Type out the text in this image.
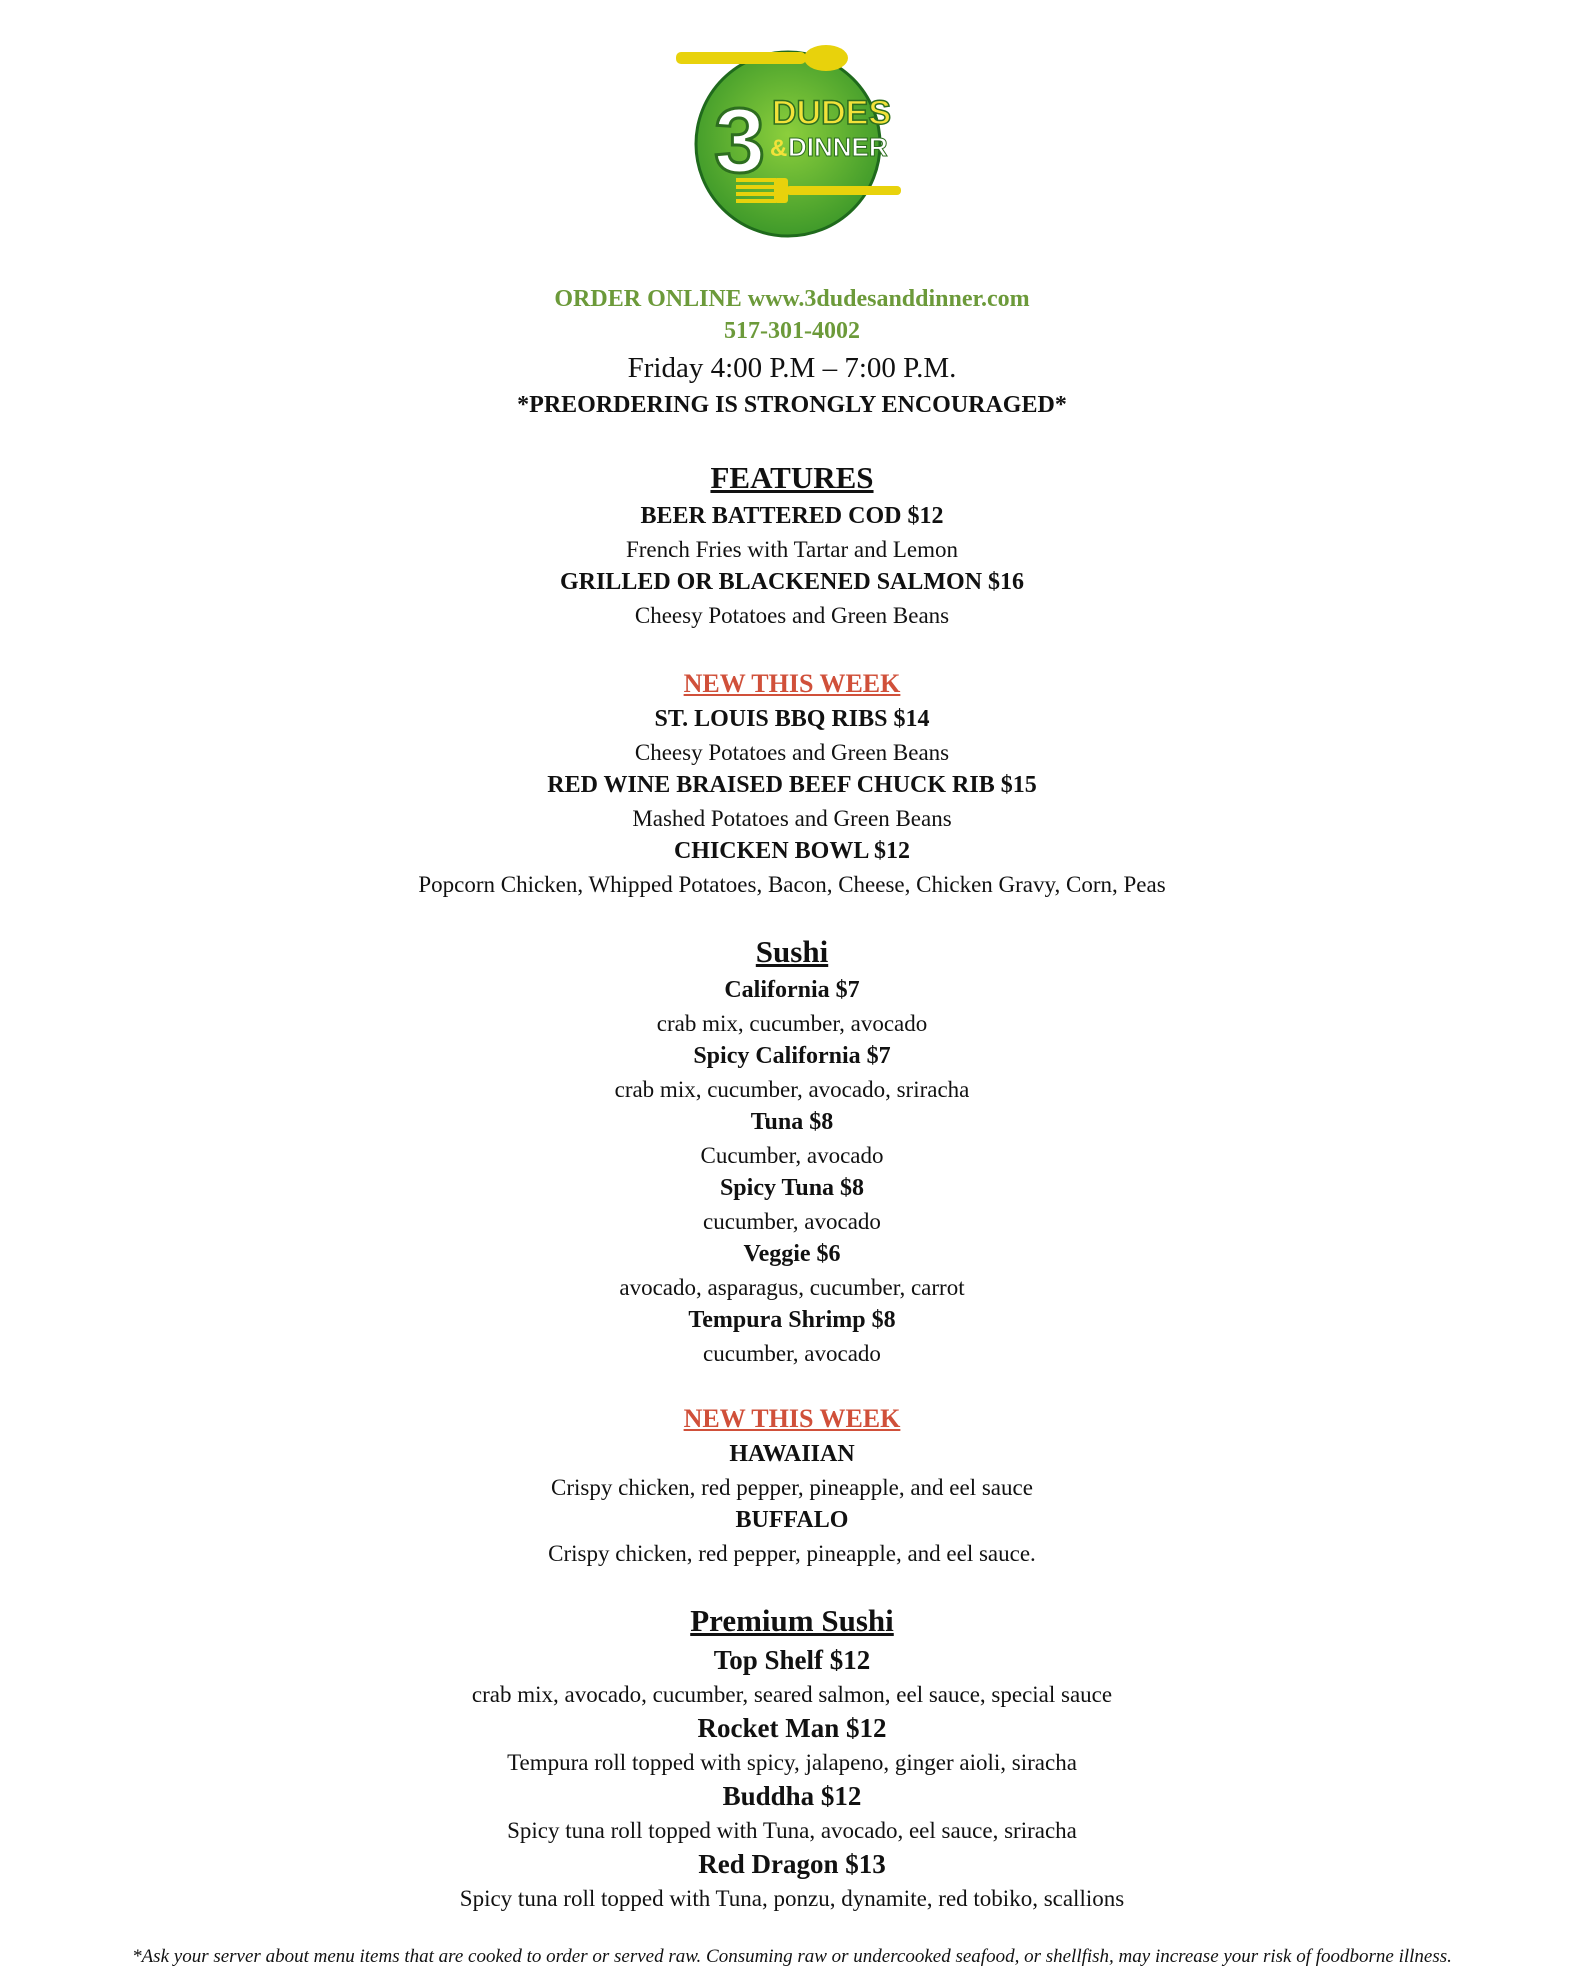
3 DUDES
& DINNER
ORDER ONLINE www.3dudesanddinner.com
517-301-4002
Friday 4:00 P.M – 7:00 P.M.
*PREORDERING IS STRONGLY ENCOURAGED*
FEATURES
BEER BATTERED COD $12
French Fries with Tartar and Lemon
GRILLED OR BLACKENED SALMON $16
Cheesy Potatoes and Green Beans
NEW THIS WEEK
ST. LOUIS BBQ RIBS $14
Cheesy Potatoes and Green Beans
RED WINE BRAISED BEEF CHUCK RIB $15
Mashed Potatoes and Green Beans
CHICKEN BOWL $12
Popcorn Chicken, Whipped Potatoes, Bacon, Cheese, Chicken Gravy, Corn, Peas
Sushi
California $7
crab mix, cucumber, avocado
Spicy California $7
crab mix, cucumber, avocado, sriracha
Tuna $8
Cucumber, avocado
Spicy Tuna $8
cucumber, avocado
Veggie $6
avocado, asparagus, cucumber, carrot
Tempura Shrimp $8
cucumber, avocado
NEW THIS WEEK
HAWAIIAN
Crispy chicken, red pepper, pineapple, and eel sauce
BUFFALO
Crispy chicken, red pepper, pineapple, and eel sauce.
Premium Sushi
Top Shelf $12
crab mix, avocado, cucumber, seared salmon, eel sauce, special sauce
Rocket Man $12
Tempura roll topped with spicy, jalapeno, ginger aioli, siracha
Buddha $12
Spicy tuna roll topped with Tuna, avocado, eel sauce, sriracha
Red Dragon $13
Spicy tuna roll topped with Tuna, ponzu, dynamite, red tobiko, scallions
*Ask your server about menu items that are cooked to order or served raw. Consuming raw or undercooked seafood, or shellfish, may increase your risk of foodborne illness.
